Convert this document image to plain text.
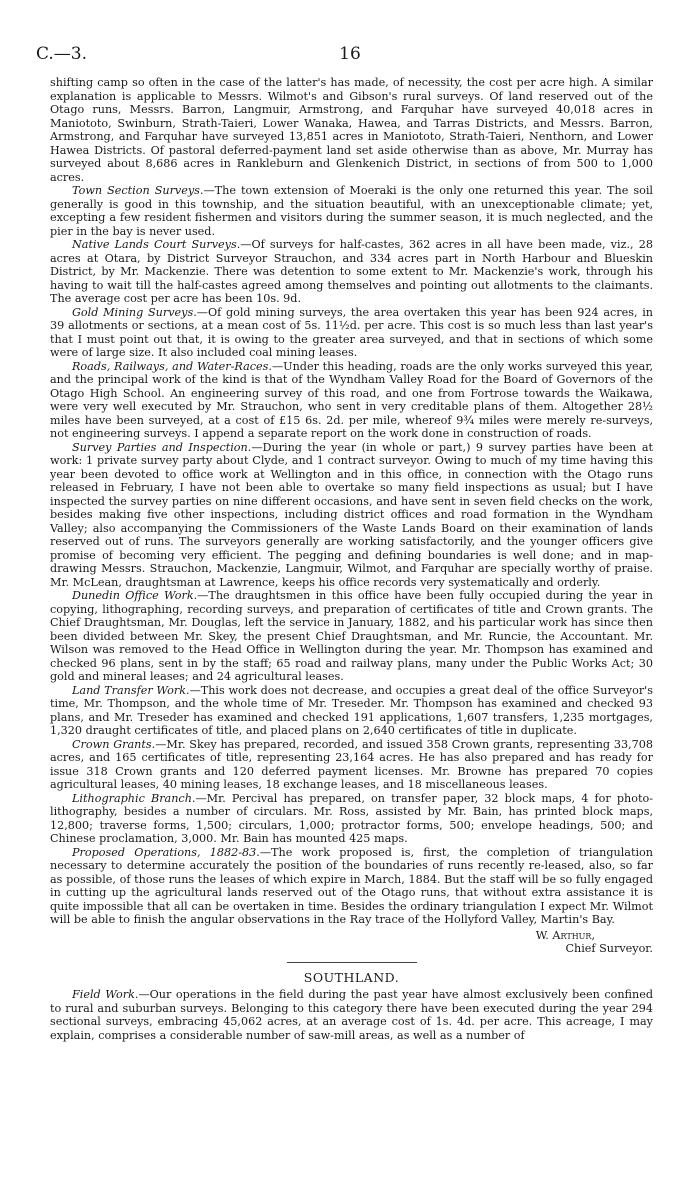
C.—3.	16

shifting camp so often in the case of the latter's has made, of necessity, the cost per acre high. A similar explanation is applicable to Messrs. Wilmot's and Gibson's rural surveys. Of land reserved out of the Otago runs, Messrs. Barron, Langmuir, Armstrong, and Farquhar have surveyed 40,018 acres in Maniototo, Swinburn, Strath-Taieri, Lower Wanaka, Hawea, and Tarras Districts, and Messrs. Barron, Armstrong, and Farquhar have surveyed 13,851 acres in Maniototo, Strath-Taieri, Nenthorn, and Lower Hawea Districts. Of pastoral deferred-payment land set aside otherwise than as above, Mr. Murray has surveyed about 8,686 acres in Rankleburn and Glenkenich District, in sections of from 500 to 1,000 acres.

Town Section Surveys.—The town extension of Moeraki is the only one returned this year. The soil generally is good in this township, and the situation beautiful, with an unexceptionable climate; yet, excepting a few resident fishermen and visitors during the summer season, it is much neglected, and the pier in the bay is never used.

Native Lands Court Surveys.—Of surveys for half-castes, 362 acres in all have been made, viz., 28 acres at Otara, by District Surveyor Strauchon, and 334 acres part in North Harbour and Blueskin District, by Mr. Mackenzie. There was detention to some extent to Mr. Mackenzie's work, through his having to wait till the half-castes agreed among themselves and pointing out allotments to the claimants. The average cost per acre has been 10s. 9d.

Gold Mining Surveys.—Of gold mining surveys, the area overtaken this year has been 924 acres, in 39 allotments or sections, at a mean cost of 5s. 11½d. per acre. This cost is so much less than last year's that I must point out that, it is owing to the greater area surveyed, and that in sections of which some were of large size. It also included coal mining leases.

Roads, Railways, and Water-Races.—Under this heading, roads are the only works surveyed this year, and the principal work of the kind is that of the Wyndham Valley Road for the Board of Governors of the Otago High School. An engineering survey of this road, and one from Fortrose towards the Waikawa, were very well executed by Mr. Strauchon, who sent in very creditable plans of them. Altogether 28½ miles have been surveyed, at a cost of £15 6s. 2d. per mile, whereof 9¾ miles were merely re-surveys, not engineering surveys. I append a separate report on the work done in construction of roads.

Survey Parties and Inspection.—During the year (in whole or part,) 9 survey parties have been at work: 1 private survey party about Clyde, and 1 contract surveyor. Owing to much of my time having this year been devoted to office work at Wellington and in this office, in connection with the Otago runs released in February, I have not been able to overtake so many field inspections as usual; but I have inspected the survey parties on nine different occasions, and have sent in seven field checks on the work, besides making five other inspections, including district offices and road formation in the Wyndham Valley; also accompanying the Commissioners of the Waste Lands Board on their examination of lands reserved out of runs. The surveyors generally are working satisfactorily, and the younger officers give promise of becoming very efficient. The pegging and defining boundaries is well done; and in map-drawing Messrs. Strauchon, Mackenzie, Langmuir, Wilmot, and Farquhar are specially worthy of praise. Mr. McLean, draughtsman at Lawrence, keeps his office records very systematically and orderly.

Dunedin Office Work.—The draughtsmen in this office have been fully occupied during the year in copying, lithographing, recording surveys, and preparation of certificates of title and Crown grants. The Chief Draughtsman, Mr. Douglas, left the service in January, 1882, and his particular work has since then been divided between Mr. Skey, the present Chief Draughtsman, and Mr. Runcie, the Accountant. Mr. Wilson was removed to the Head Office in Wellington during the year. Mr. Thompson has examined and checked 96 plans, sent in by the staff; 65 road and railway plans, many under the Public Works Act; 30 gold and mineral leases; and 24 agricultural leases.

Land Transfer Work.—This work does not decrease, and occupies a great deal of the office Surveyor's time, Mr. Thompson, and the whole time of Mr. Treseder. Mr. Thompson has examined and checked 93 plans, and Mr. Treseder has examined and checked 191 applications, 1,607 transfers, 1,235 mortgages, 1,320 draught certificates of title, and placed plans on 2,640 certificates of title in duplicate.

Crown Grants.—Mr. Skey has prepared, recorded, and issued 358 Crown grants, representing 33,708 acres, and 165 certificates of title, representing 23,164 acres. He has also prepared and has ready for issue 318 Crown grants and 120 deferred payment licenses. Mr. Browne has prepared 70 copies agricultural leases, 40 mining leases, 18 exchange leases, and 18 miscellaneous leases.

Lithographic Branch.—Mr. Percival has prepared, on transfer paper, 32 block maps, 4 for photo-lithography, besides a number of circulars. Mr. Ross, assisted by Mr. Bain, has printed block maps, 12,800; traverse forms, 1,500; circulars, 1,000; protractor forms, 500; envelope headings, 500; and Chinese proclamation, 3,000. Mr. Bain has mounted 425 maps.

Proposed Operations, 1882-83.—The work proposed is, first, the completion of triangulation necessary to determine accurately the position of the boundaries of runs recently re-leased, also, so far as possible, of those runs the leases of which expire in March, 1884. But the staff will be so fully engaged in cutting up the agricultural lands reserved out of the Otago runs, that without extra assistance it is quite impossible that all can be overtaken in time. Besides the ordinary triangulation I expect Mr. Wilmot will be able to finish the angular observations in the Ray trace of the Hollyford Valley, Martin's Bay.

W. Arthur,
Chief Surveyor.
SOUTHLAND.

Field Work.—Our operations in the field during the past year have almost exclusively been confined to rural and suburban surveys. Belonging to this category there have been executed during the year 294 sectional surveys, embracing 45,062 acres, at an average cost of 1s. 4d. per acre. This acreage, I may explain, comprises a considerable number of saw-mill areas, as well as a number of
